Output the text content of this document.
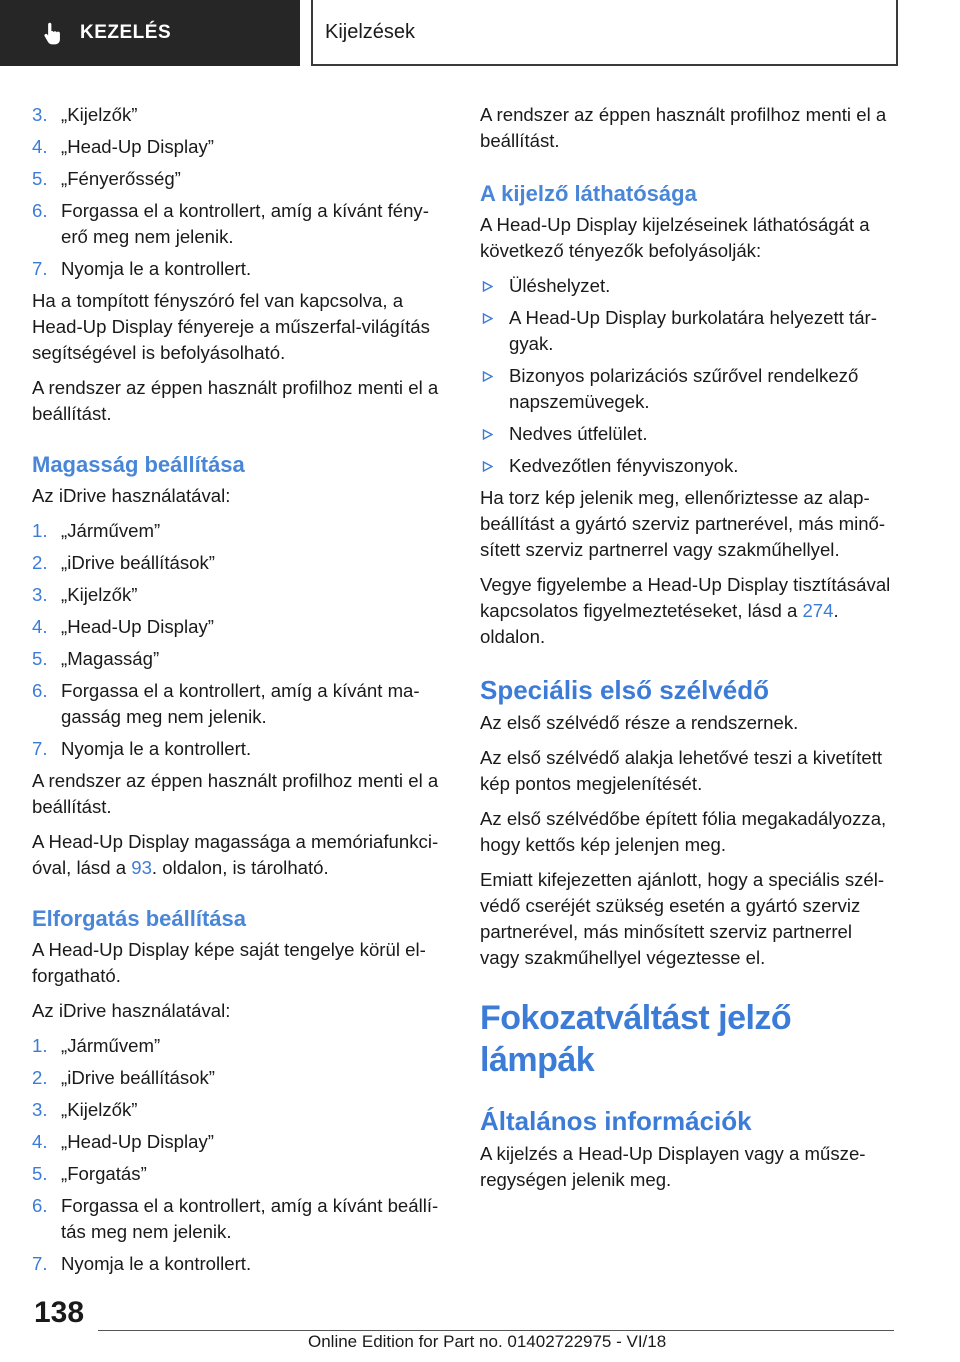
KEZELÉS	Kijelzések
3. „Kijelzők”
4. „Head-Up Display”
5. „Fényerősség”
6. Forgassa el a kontrollert, amíg a kívánt fényerő meg nem jelenik.
7. Nyomja le a kontrollert.

Ha a tompított fényszóró fel van kapcsolva, a Head-Up Display fényereje a műszerfal-világítás segítségével is befolyásolható.

A rendszer az éppen használt profilhoz menti el a beállítást.

Magasság beállítása

Az iDrive használatával:

1. „Járművem”
2. „iDrive beállítások”
3. „Kijelzők”
4. „Head-Up Display”
5. „Magasság”
6. Forgassa el a kontrollert, amíg a kívánt magasság meg nem jelenik.
7. Nyomja le a kontrollert.

A rendszer az éppen használt profilhoz menti el a beállítást.

A Head-Up Display magassága a memóriafunkcióval, lásd a 93. oldalon, is tárolható.

Elforgatás beállítása

A Head-Up Display képe saját tengelye körül elforgatható.

Az iDrive használatával:

1. „Járművem”
2. „iDrive beállítások”
3. „Kijelzők”
4. „Head-Up Display”
5. „Forgatás”
6. Forgassa el a kontrollert, amíg a kívánt beállítás meg nem jelenik.
7. Nyomja le a kontrollert.

A rendszer az éppen használt profilhoz menti el a beállítást.

A kijelző láthatósága

A Head-Up Display kijelzéseinek láthatóságát a következő tényezők befolyásolják:

Üléshelyzet.
A Head-Up Display burkolatára helyezett tárgyak.
Bizonyos polarizációs szűrővel rendelkező napszemüvegek.
Nedves útfelület.
Kedvezőtlen fényviszonyok.

Ha torz kép jelenik meg, ellenőriztesse az alapbeállítást a gyártó szerviz partnerével, más minősített szerviz partnerrel vagy szakműhellyel.

Vegye figyelembe a Head-Up Display tisztításával kapcsolatos figyelmeztetéseket, lásd a 274. oldalon.

Speciális első szélvédő

Az első szélvédő része a rendszernek.

Az első szélvédő alakja lehetővé teszi a kivetített kép pontos megjelenítését.

Az első szélvédőbe épített fólia megakadályozza, hogy kettős kép jelenjen meg.

Emiatt kifejezetten ajánlott, hogy a speciális szélvédő cseréjét szükség esetén a gyártó szerviz partnerével, más minősített szerviz partnerrel vagy szakműhellyel végeztesse el.

Fokozatváltást jelző lámpák
Általános információk

A kijelzés a Head-Up Displayen vagy a műszeregységen jelenik meg.

138
Online Edition for Part no. 01402722975 - VI/18
